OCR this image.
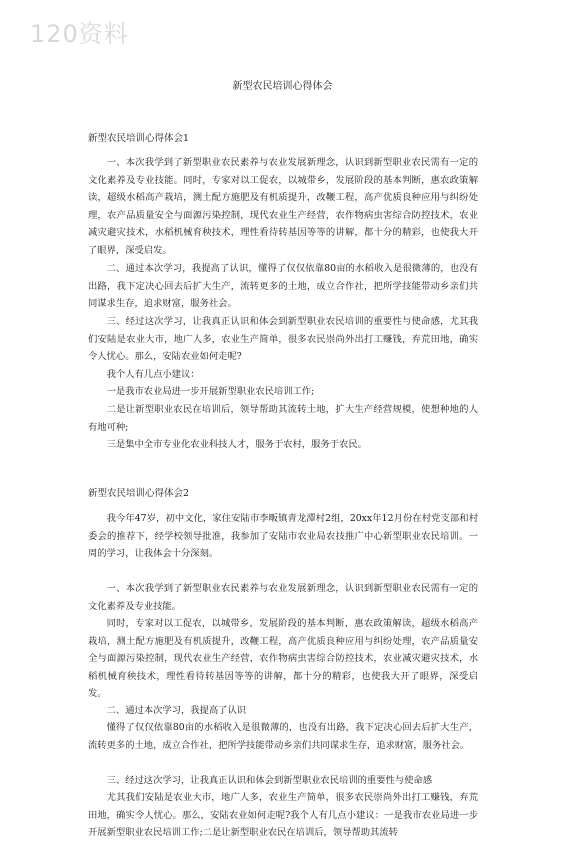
120资料
新型农民培训心得体会

新型农民培训心得体会1

一、本次我学到了新型职业农民素养与农业发展新理念，认识到新型职业农民需有一定的文化素养及专业技能。同时，专家对以工促农，以城带乡，发展阶段的基本判断，惠农政策解读，超级水稻高产栽培，测土配方施肥及有机质提升，改鞭工程，高产优质良种应用与纠纷处理，农产品质量安全与面源污染控制，现代农业生产经营，农作物病虫害综合防控技术，农业减灾避灾技术，水稻机械育秧技术，理性看待转基因等等的讲解，都十分的精彩，也使我大开了眼界，深受启发。

二、通过本次学习，我提高了认识，懂得了仅仅依靠80亩的水稻收入是很微薄的，也没有出路，我下定决心回去后扩大生产，流转更多的土地，成立合作社，把所学技能带动乡亲们共同谋求生存，追求财富，服务社会。

三、经过这次学习，让我真正认识和体会到新型职业农民培训的重要性与使命感，尤其我们安陆是农业大市，地广人多，农业生产简单，很多农民崇尚外出打工赚钱，弃荒田地，确实令人忧心。那么，安陆农业如何走呢?

我个人有几点小建议：

一是我市农业局进一步开展新型职业农民培训工作;

二是让新型职业农民在培训后，领导帮助其流转土地，扩大生产经营规模，使想种地的人有地可种;

三是集中全市专业化农业科技人才，服务于农村，服务于农民。

新型农民培训心得体会2

我今年47岁，初中文化，家住安陆市李畈镇青龙潭村2组，20xx年12月份在村党支部和村委会的推荐下，经学校领导批准，我参加了安陆市农业局农技推广中心新型职业农民培训。一周的学习，让我体会十分深刻。

一、本次我学到了新型职业农民素养与农业发展新理念，认识到新型职业农民需有一定的文化素养及专业技能。

同时，专家对以工促农，以城带乡，发展阶段的基本判断，惠农政策解读，超级水稻高产栽培，测土配方施肥及有机质提升，改鞭工程，高产优质良种应用与纠纷处理，农产品质量安全与面源污染控制，现代农业生产经营，农作物病虫害综合防控技术，农业减灾避灾技术，水稻机械育秧技术，理性看待转基因等等的讲解，都十分的精彩，也使我大开了眼界，深受启发。

二、通过本次学习，我提高了认识

懂得了仅仅依靠80亩的水稻收入是很微薄的，也没有出路，我下定决心回去后扩大生产，流转更多的土地，成立合作社，把所学技能带动乡亲们共同谋求生存，追求财富，服务社会。

三、经过这次学习，让我真正认识和体会到新型职业农民培训的重要性与使命感

尤其我们安陆是农业大市，地广人多，农业生产简单，很多农民崇尚外出打工赚钱，弃荒田地，确实令人忧心。那么，安陆农业如何走呢?我个人有几点小建议：一是我市农业局进一步开展新型职业农民培训工作;二是让新型职业农民在培训后，领导帮助其流转
